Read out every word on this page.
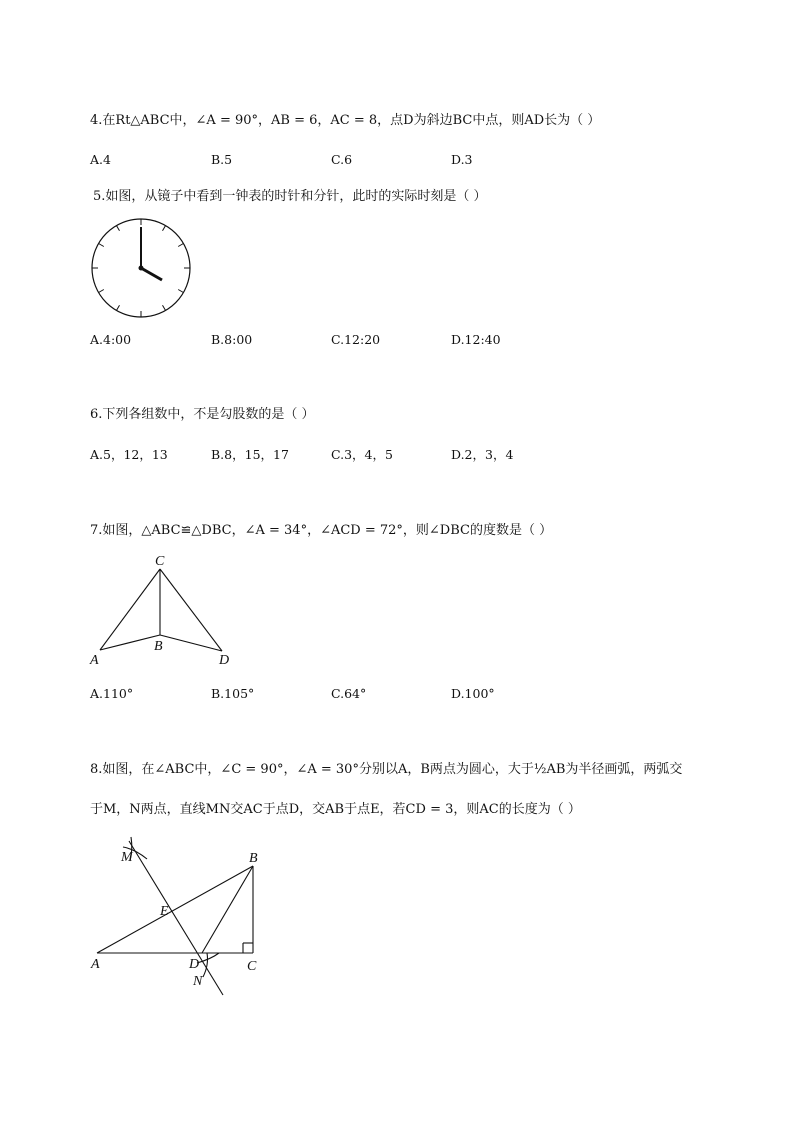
4.在Rt△ABC中，∠A = 90°，AB = 6，AC = 8，点D为斜边BC中点，则AD长为（ ）
A.4	B.5	C.6	D.3
5.如图，从镜子中看到一钟表的时针和分针，此时的实际时刻是（ ）
A.4:00	B.8:00	C.12:20	D.12:40
6.下列各组数中，不是勾股数的是（ ）
A.5，12，13	B.8，15，17	C.3，4，5	D.2，3，4
7.如图，△ABC≌△DBC，∠A = 34°，∠ACD = 72°，则∠DBC的度数是（ ）
C
A
B
D
A.110°	B.105°	C.64°	D.100°
8.如图，在∠ABC中，∠C = 90°，∠A = 30°分别以A，B两点为圆心，大于½AB为半径画弧，两弧交
于M，N两点，直线MN交AC于点D，交AB于点E，若CD = 3，则AC的长度为（ ）
M	B
E
A	D	C
N
